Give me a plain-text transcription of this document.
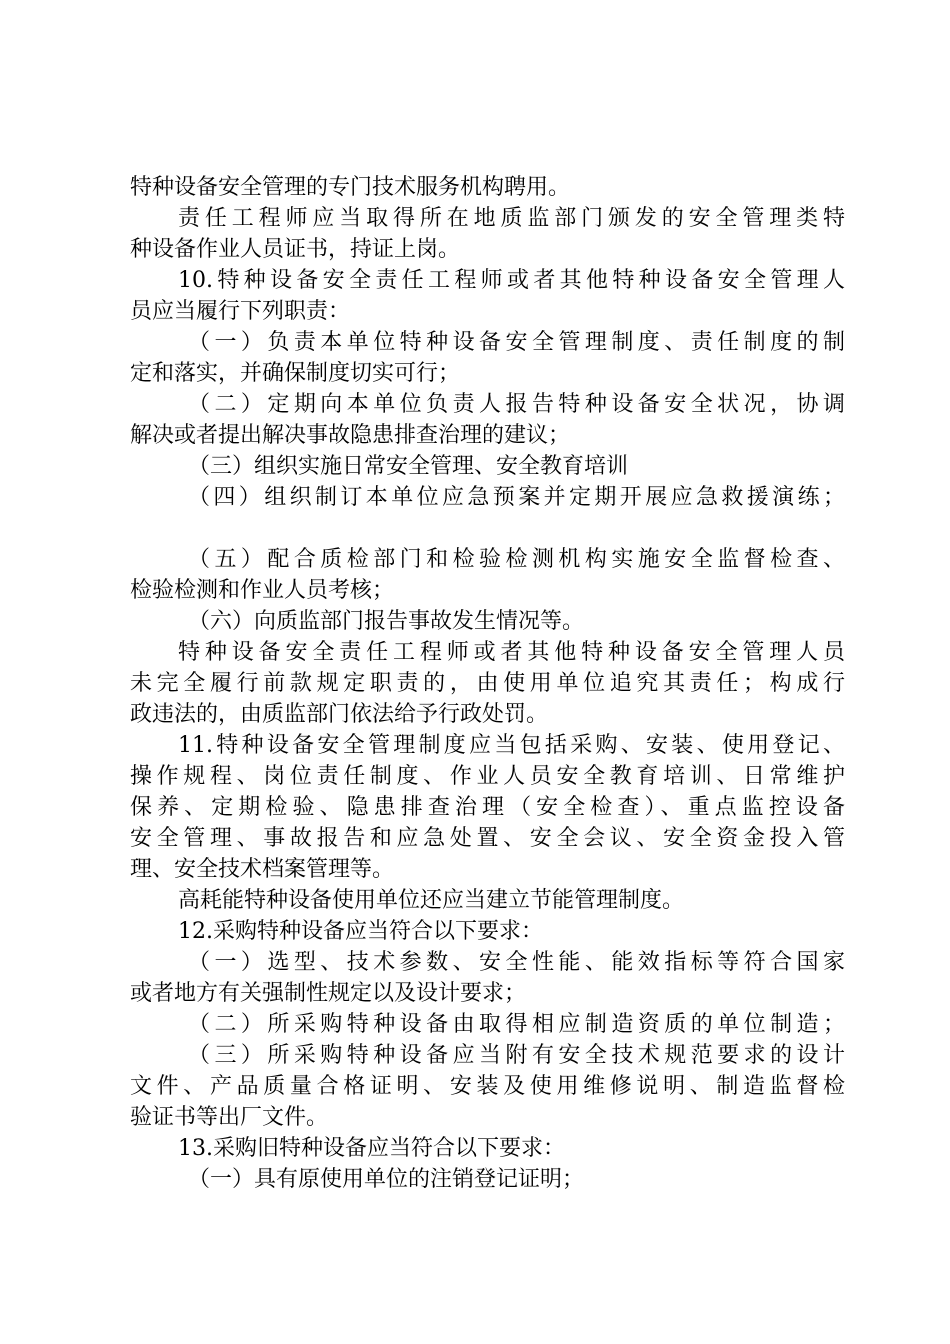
特种设备安全管理的专门技术服务机构聘用。
责任工程师应当取得所在地质监部门颁发的安全管理类特
种设备作业人员证书，持证上岗。
10.特种设备安全责任工程师或者其他特种设备安全管理人
员应当履行下列职责：
（一）负责本单位特种设备安全管理制度、责任制度的制
定和落实，并确保制度切实可行；
（二）定期向本单位负责人报告特种设备安全状况，协调
解决或者提出解决事故隐患排查治理的建议；
（三）组织实施日常安全管理、安全教育培训
（四）组织制订本单位应急预案并定期开展应急救援演练；
（五）配合质检部门和检验检测机构实施安全监督检查、
检验检测和作业人员考核；
（六）向质监部门报告事故发生情况等。
特种设备安全责任工程师或者其他特种设备安全管理人员
未完全履行前款规定职责的，由使用单位追究其责任；构成行
政违法的，由质监部门依法给予行政处罚。
11.特种设备安全管理制度应当包括采购、安装、使用登记、
操作规程、岗位责任制度、作业人员安全教育培训、日常维护
保养、定期检验、隐患排查治理（安全检查）、重点监控设备
安全管理、事故报告和应急处置、安全会议、安全资金投入管
理、安全技术档案管理等。
高耗能特种设备使用单位还应当建立节能管理制度。
12.采购特种设备应当符合以下要求：
（一）选型、技术参数、安全性能、能效指标等符合国家
或者地方有关强制性规定以及设计要求；
（二）所采购特种设备由取得相应制造资质的单位制造；
（三）所采购特种设备应当附有安全技术规范要求的设计
文件、产品质量合格证明、安装及使用维修说明、制造监督检
验证书等出厂文件。
13.采购旧特种设备应当符合以下要求：
（一）具有原使用单位的注销登记证明；
